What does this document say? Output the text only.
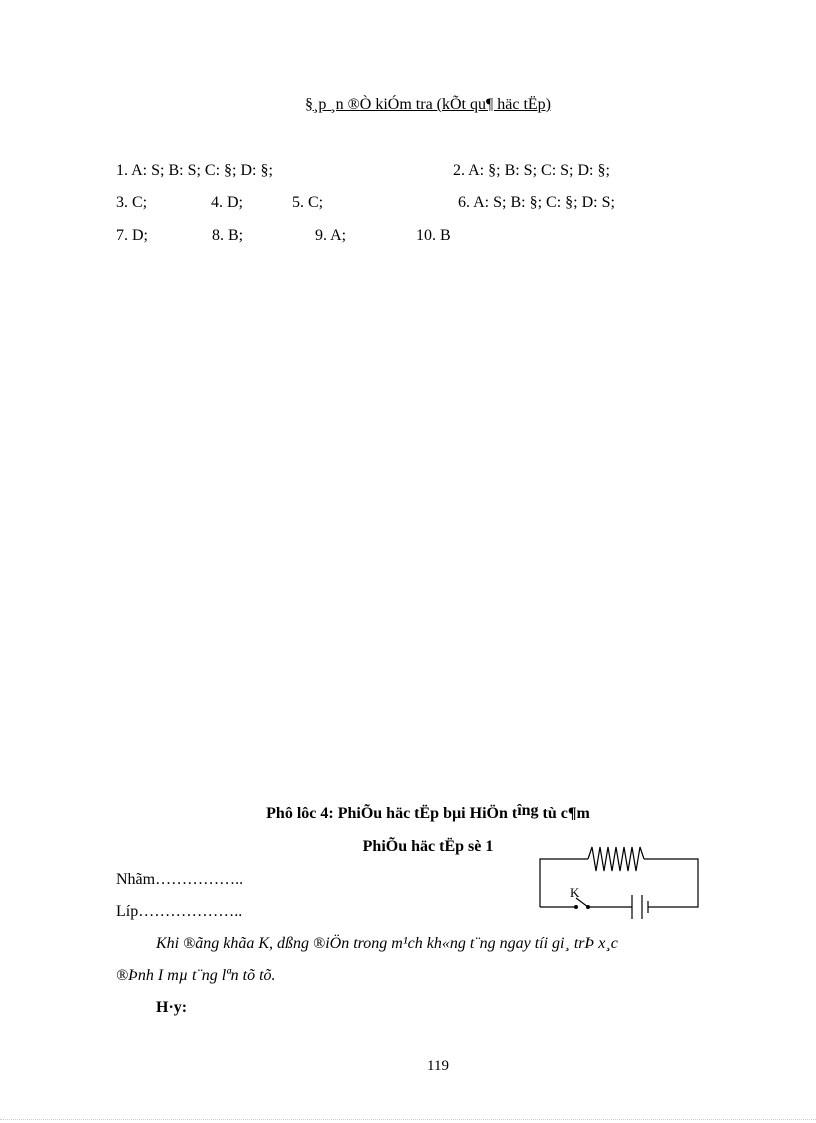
§¸p ¸n ®Ò kiÓm tra (kÕt qu¶ häc tËp)
1. A: S; B: S; C: §; D: §;	2. A: §; B: S; C: S; D: §;
3. C;	4. D;	5. C;	6. A: S; B: §; C: §; D: S;
7. D;	8. B;	9. A;	10. B
Phô lôc 4: PhiÕu häc tËp bµi HiÖn tîng tù c¶m
PhiÕu häc tËp sè 1
Nhãm……………..
Líp………………..
K
Khi ®ãng khãa K, dßng ®iÖn trong m¹ch kh«ng t¨ng ngay tíi gi¸ trÞ x¸c
®Þnh I mµ t¨ng lªn tõ tõ.
H·y:
119
